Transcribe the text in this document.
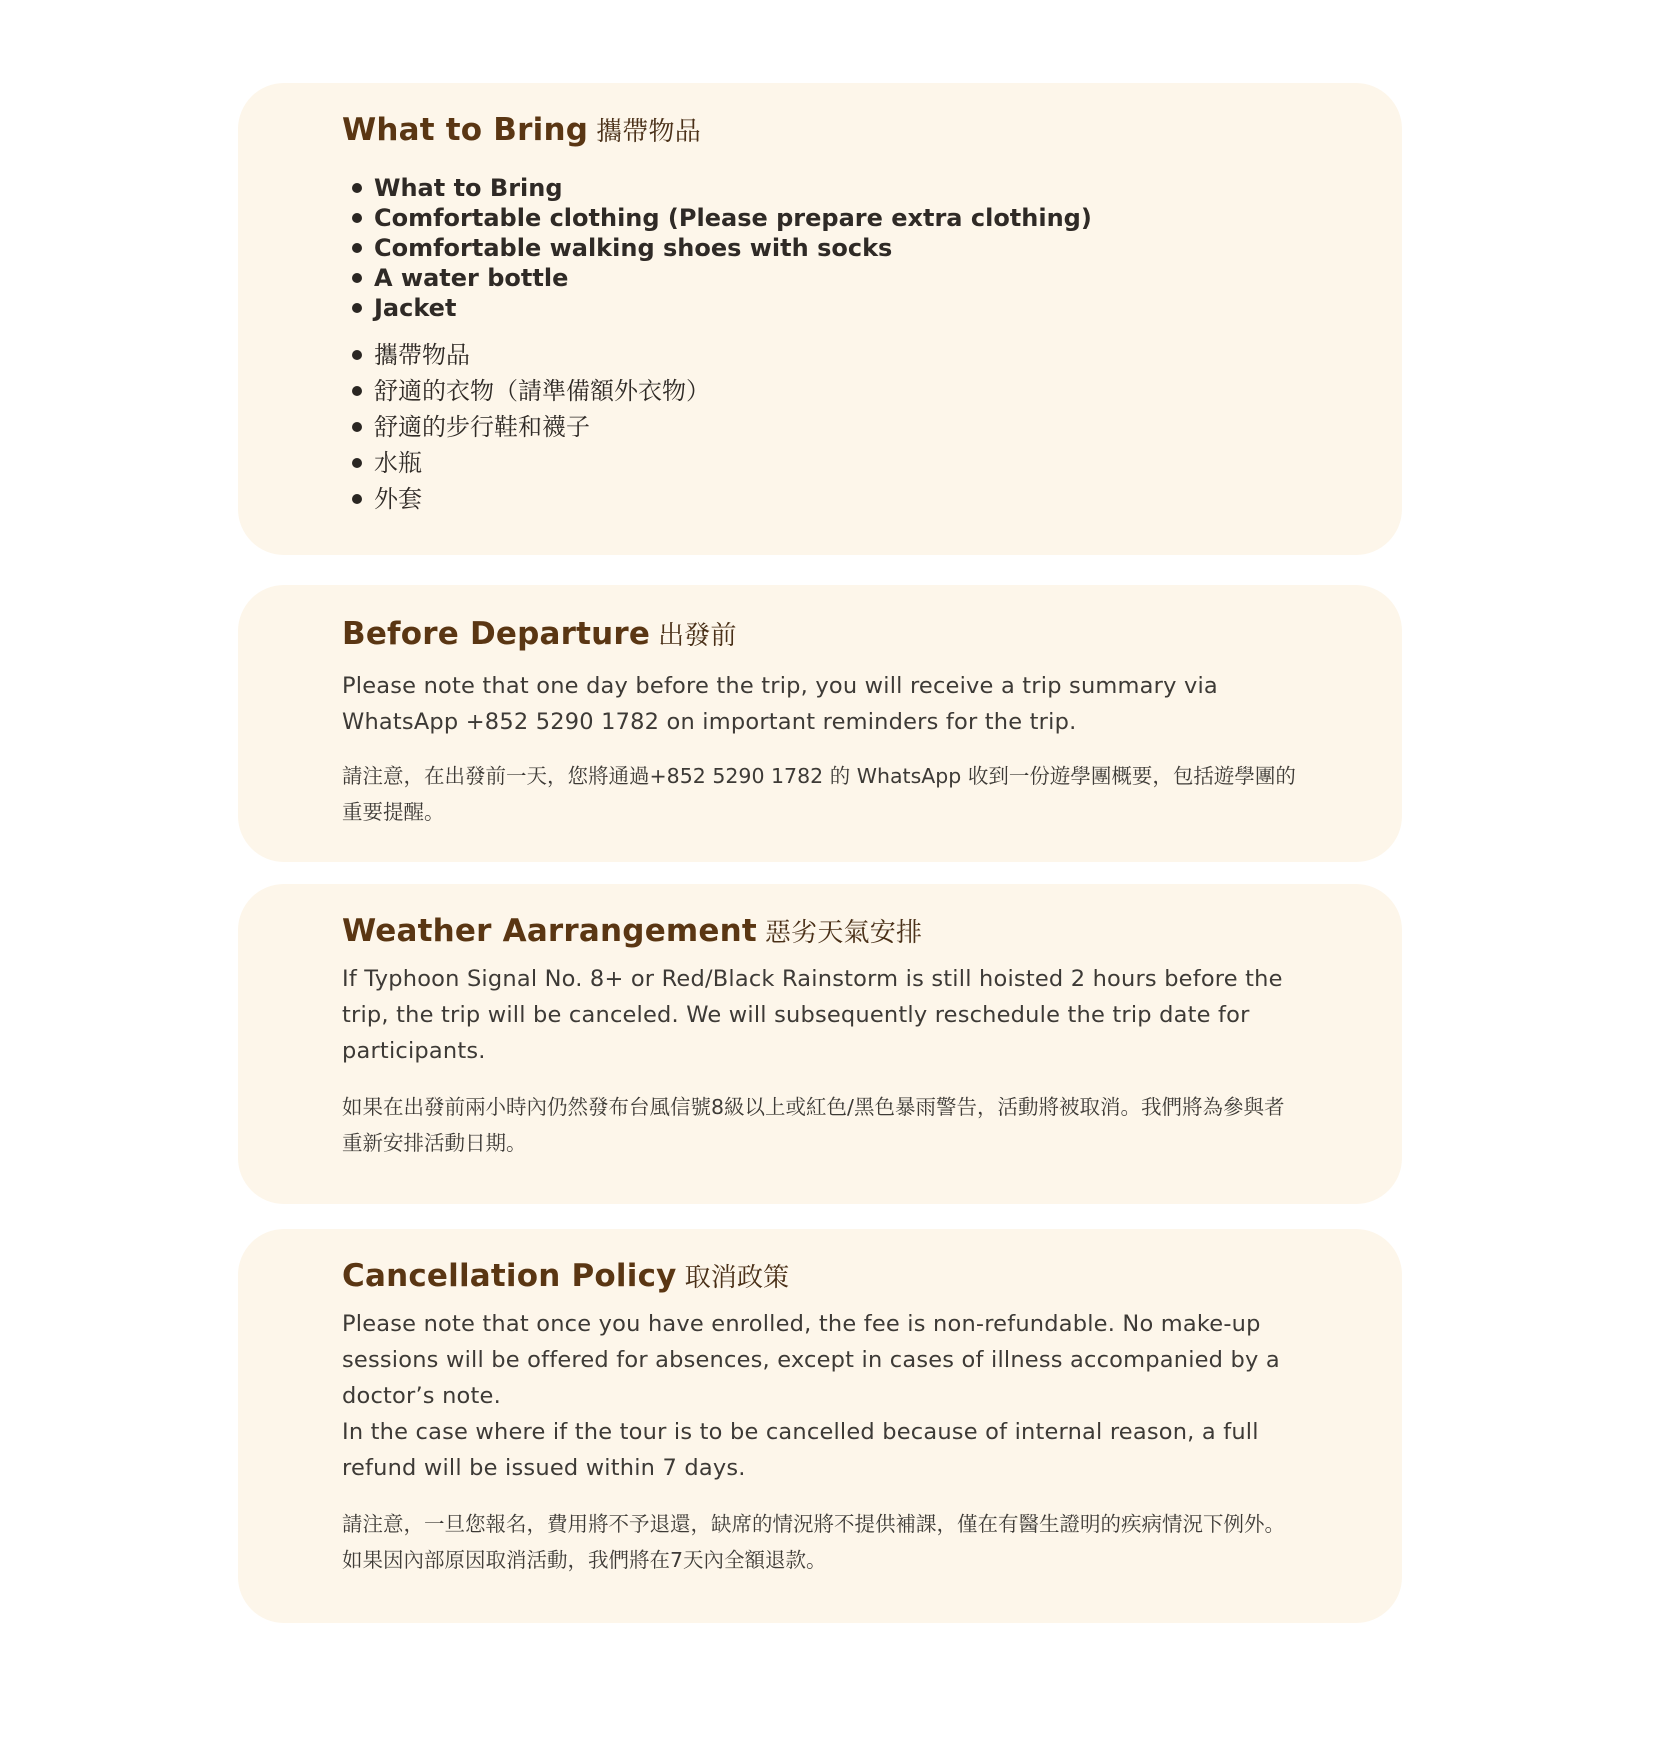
What to Bring 攜帶物品
What to Bring
Comfortable clothing (Please prepare extra clothing)
Comfortable walking shoes with socks
A water bottle
Jacket
攜帶物品
舒適的衣物（請準備額外衣物）
舒適的步行鞋和襪子
水瓶
外套
Before Departure 出發前

Please note that one day before the trip, you will receive a trip summary via WhatsApp +852 5290 1782 on important reminders for the trip.

請注意，在出發前一天，您將通過+852 5290 1782 的 WhatsApp 收到一份遊學團概要，包括遊學團的重要提醒。

Weather Aarrangement 惡劣天氣安排

If Typhoon Signal No. 8+ or Red/Black Rainstorm is still hoisted 2 hours before the trip, the trip will be canceled. We will subsequently reschedule the trip date for participants.

如果在出發前兩小時內仍然發布台風信號8級以上或紅色/黑色暴雨警告，活動將被取消。我們將為參與者重新安排活動日期。

Cancellation Policy 取消政策

Please note that once you have enrolled, the fee is non-refundable. No make-up sessions will be offered for absences, except in cases of illness accompanied by a doctor’s note.

In the case where if the tour is to be cancelled because of internal reason, a full refund will be issued within 7 days.

請注意，一旦您報名，費用將不予退還，缺席的情況將不提供補課，僅在有醫生證明的疾病情況下例外。如果因內部原因取消活動，我們將在7天內全額退款。
